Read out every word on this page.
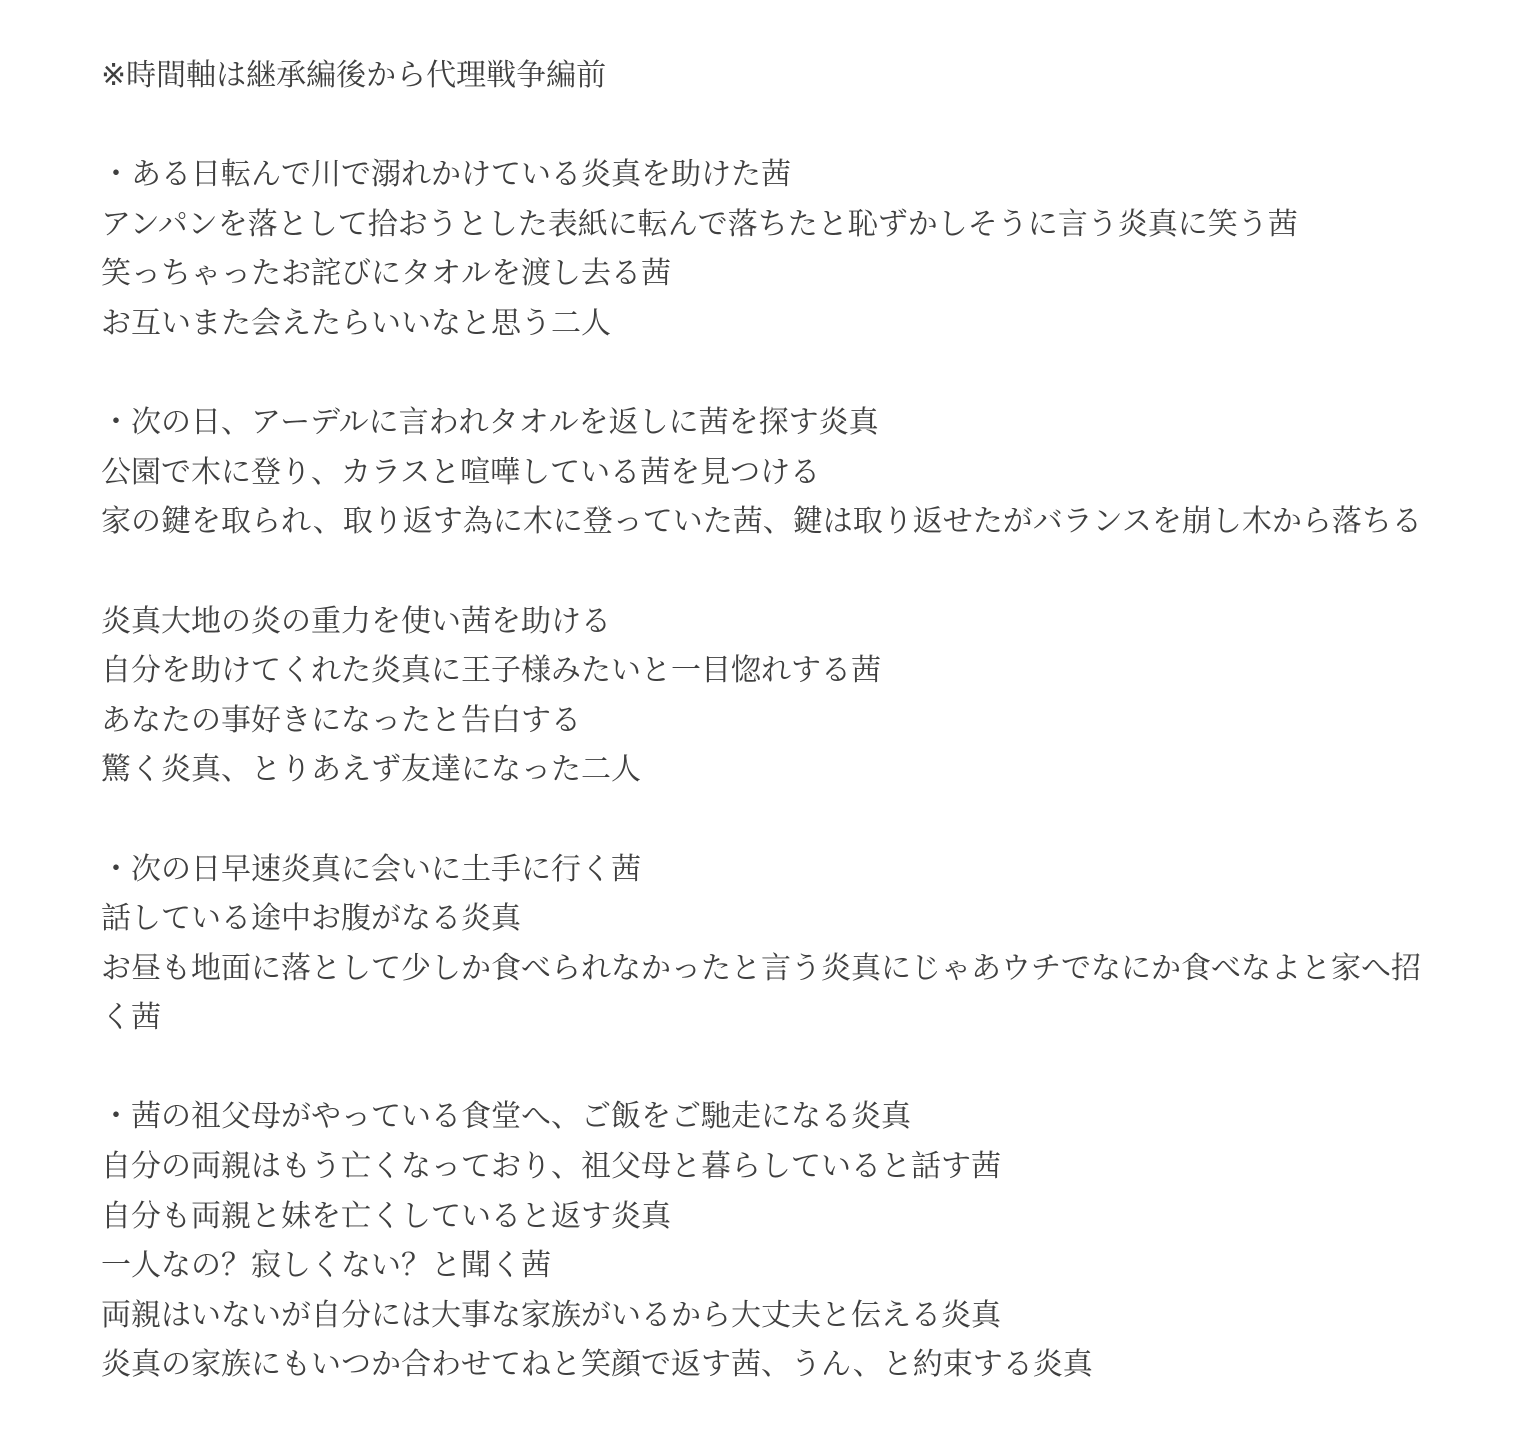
※時間軸は継承編後から代理戦争編前

・ある日転んで川で溺れかけている炎真を助けた茜

アンパンを落として拾おうとした表紙に転んで落ちたと恥ずかしそうに言う炎真に笑う茜

笑っちゃったお詫びにタオルを渡し去る茜

お互いまた会えたらいいなと思う二人

・次の日、アーデルに言われタオルを返しに茜を探す炎真

公園で木に登り、カラスと喧嘩している茜を見つける

家の鍵を取られ、取り返す為に木に登っていた茜、鍵は取り返せたがバランスを崩し木から落ちる

炎真大地の炎の重力を使い茜を助ける

自分を助けてくれた炎真に王子様みたいと一目惚れする茜

あなたの事好きになったと告白する

驚く炎真、とりあえず友達になった二人

・次の日早速炎真に会いに土手に行く茜

話している途中お腹がなる炎真

お昼も地面に落として少しか食べられなかったと言う炎真にじゃあウチでなにか食べなよと家へ招く茜

・茜の祖父母がやっている食堂へ、ご飯をご馳走になる炎真

自分の両親はもう亡くなっており、祖父母と暮らしていると話す茜

自分も両親と妹を亡くしていると返す炎真

一人なの？寂しくない？と聞く茜

両親はいないが自分には大事な家族がいるから大丈夫と伝える炎真

炎真の家族にもいつか合わせてねと笑顔で返す茜、うん、と約束する炎真
